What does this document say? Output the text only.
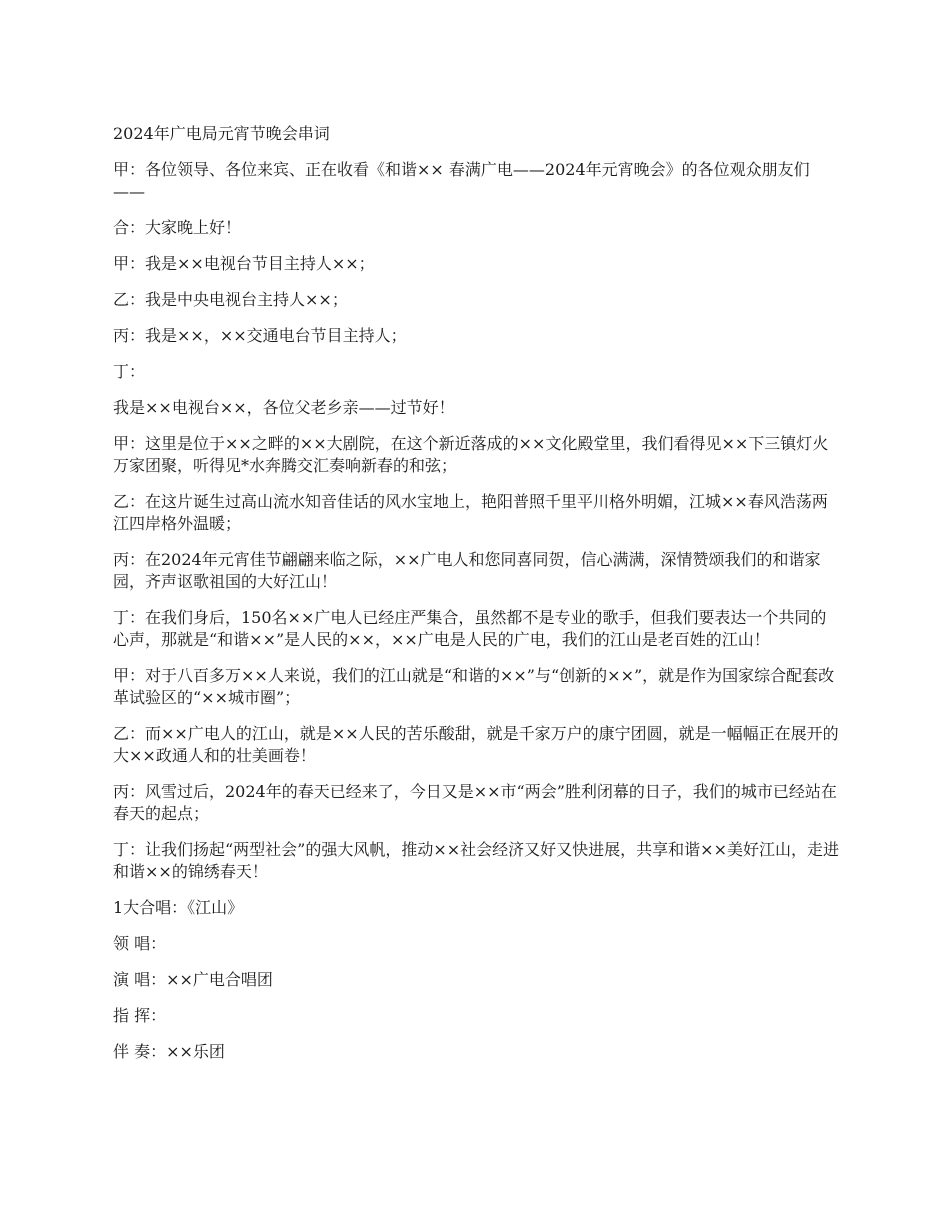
2024年广电局元宵节晚会串词

甲：各位领导、各位来宾、正在收看《和谐×× 春满广电——2024年元宵晚会》的各位观众朋友们——

合：大家晚上好！

甲：我是××电视台节目主持人××；

乙：我是中央电视台主持人××；

丙：我是××，××交通电台节目主持人；

丁：

我是××电视台××，各位父老乡亲——过节好！

甲：这里是位于××之畔的××大剧院，在这个新近落成的××文化殿堂里，我们看得见××下三镇灯火万家团聚，听得见*水奔腾交汇奏响新春的和弦；

乙：在这片诞生过高山流水知音佳话的风水宝地上，艳阳普照千里平川格外明媚，江城××春风浩荡两江四岸格外温暖；

丙：在2024年元宵佳节翩翩来临之际，××广电人和您同喜同贺，信心满满，深情赞颂我们的和谐家园，齐声讴歌祖国的大好江山！

丁：在我们身后，150名××广电人已经庄严集合，虽然都不是专业的歌手，但我们要表达一个共同的心声，那就是“和谐××”是人民的××，××广电是人民的广电，我们的江山是老百姓的江山！

甲：对于八百多万××人来说，我们的江山就是“和谐的××”与“创新的××”，就是作为国家综合配套改革试验区的“××城市圈”；

乙：而××广电人的江山，就是××人民的苦乐酸甜，就是千家万户的康宁团圆，就是一幅幅正在展开的大××政通人和的壮美画卷！

丙：风雪过后，2024年的春天已经来了，今日又是××市“两会”胜利闭幕的日子，我们的城市已经站在春天的起点；

丁：让我们扬起“两型社会”的强大风帆，推动××社会经济又好又快进展，共享和谐××美好江山，走进和谐××的锦绣春天！

1大合唱：《江山》

领 唱：

演 唱：××广电合唱团

指 挥：

伴 奏：××乐团
